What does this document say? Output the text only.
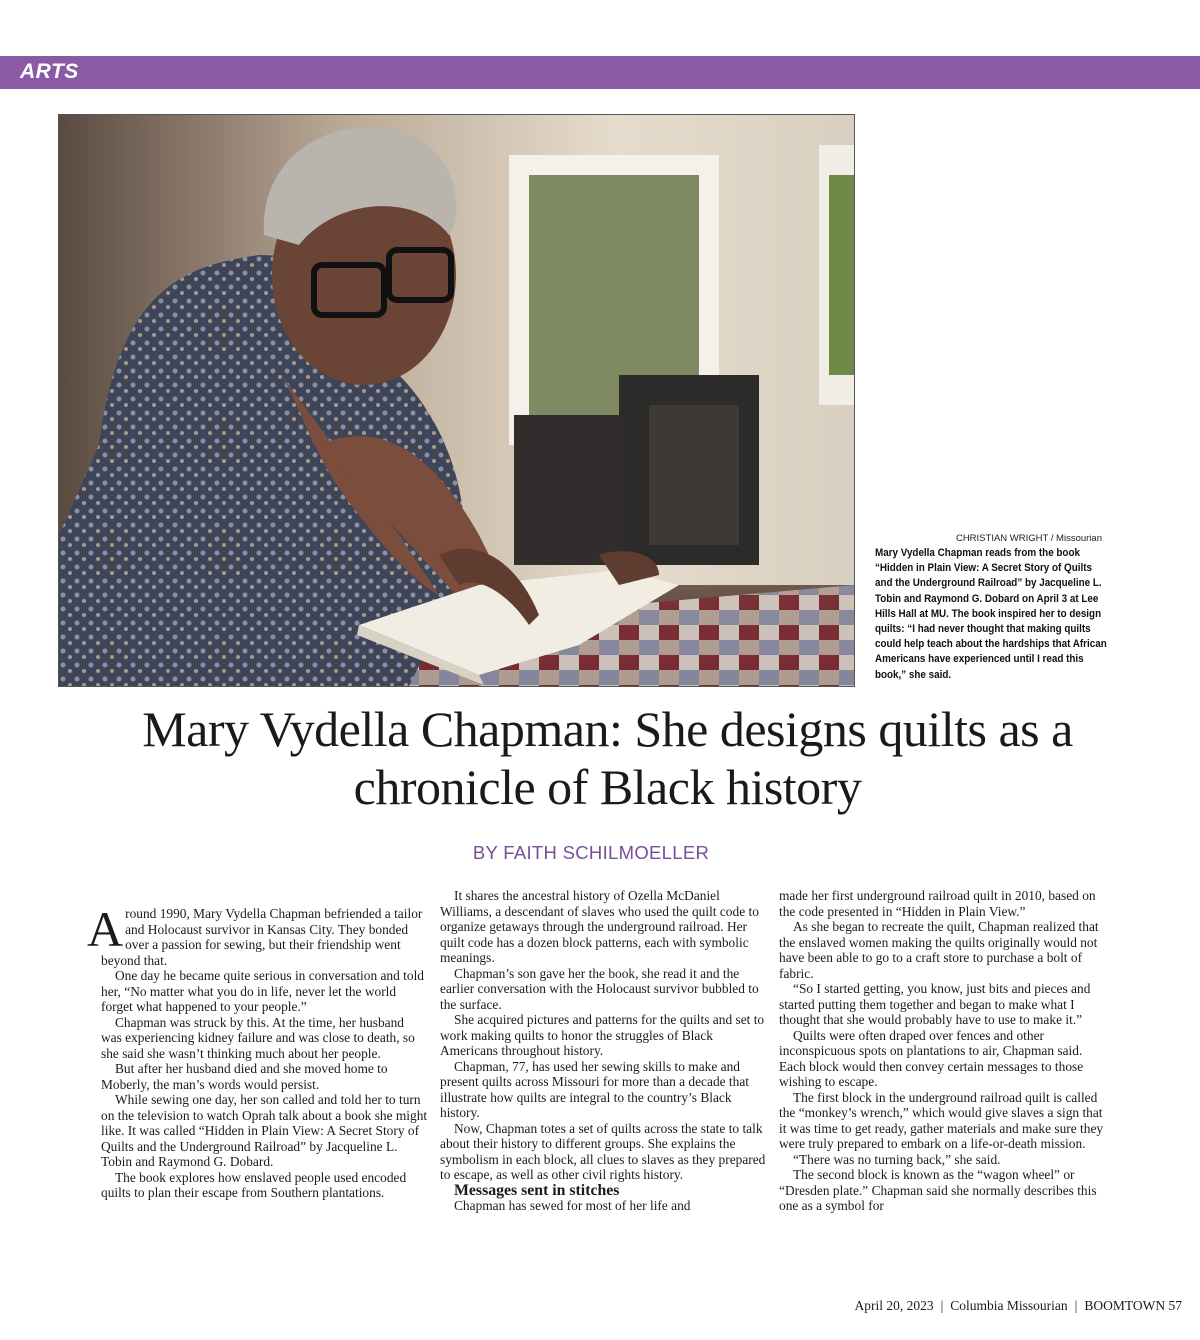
ARTS
CHRISTIAN WRIGHT / Missourian
Mary Vydella Chapman reads from the book “Hidden in Plain View: A Secret Story of Quilts and the Underground Railroad” by Jacqueline L. Tobin and Raymond G. Dobard on April 3 at Lee Hills Hall at MU. The book inspired her to design quilts: “I had never thought that making quilts could help teach about the hardships that African Americans have experienced until I read this book,” she said.
Mary Vydella Chapman: She designs quilts as a chronicle of Black history
BY FAITH SCHILMOELLER

Around 1990, Mary Vydella Chapman befriended a tailor and Holocaust survivor in Kansas City. They bonded over a passion for sewing, but their friendship went beyond that.

One day he became quite serious in conversation and told her, “No matter what you do in life, never let the world forget what happened to your people.”

Chapman was struck by this. At the time, her husband was experiencing kidney failure and was close to death, so she said she wasn’t thinking much about her people.

But after her husband died and she moved home to Moberly, the man’s words would persist.

While sewing one day, her son called and told her to turn on the television to watch Oprah talk about a book she might like. It was called “Hidden in Plain View: A Secret Story of Quilts and the Underground Railroad” by Jacqueline L. Tobin and Raymond G. Dobard.

The book explores how enslaved people used encoded quilts to plan their escape from Southern plantations.

It shares the ancestral history of Ozella McDaniel Williams, a descendant of slaves who used the quilt code to organize getaways through the underground railroad. Her quilt code has a dozen block patterns, each with symbolic meanings.

Chapman’s son gave her the book, she read it and the earlier conversation with the Holocaust survivor bubbled to the surface.

She acquired pictures and patterns for the quilts and set to work making quilts to honor the struggles of Black Americans throughout history.

Chapman, 77, has used her sewing skills to make and present quilts across Missouri for more than a decade that illustrate how quilts are integral to the country’s Black history.

Now, Chapman totes a set of quilts across the state to talk about their history to different groups. She explains the symbolism in each block, all clues to slaves as they prepared to escape, as well as other civil rights history.

Messages sent in stitches

Chapman has sewed for most of her life and

made her first underground railroad quilt in 2010, based on the code presented in “Hidden in Plain View.”

As she began to recreate the quilt, Chapman realized that the enslaved women making the quilts originally would not have been able to go to a craft store to purchase a bolt of fabric.

“So I started getting, you know, just bits and pieces and started putting them together and began to make what I thought that she would probably have to use to make it.”

Quilts were often draped over fences and other inconspicuous spots on plantations to air, Chapman said. Each block would then convey certain messages to those wishing to escape.

The first block in the underground railroad quilt is called the “monkey’s wrench,” which would give slaves a sign that it was time to get ready, gather materials and make sure they were truly prepared to embark on a life-or-death mission.

“There was no turning back,” she said.

The second block is known as the “wagon wheel” or “Dresden plate.” Chapman said she normally describes this one as a symbol for

April 20, 2023 | Columbia Missourian | BOOMTOWN 57
